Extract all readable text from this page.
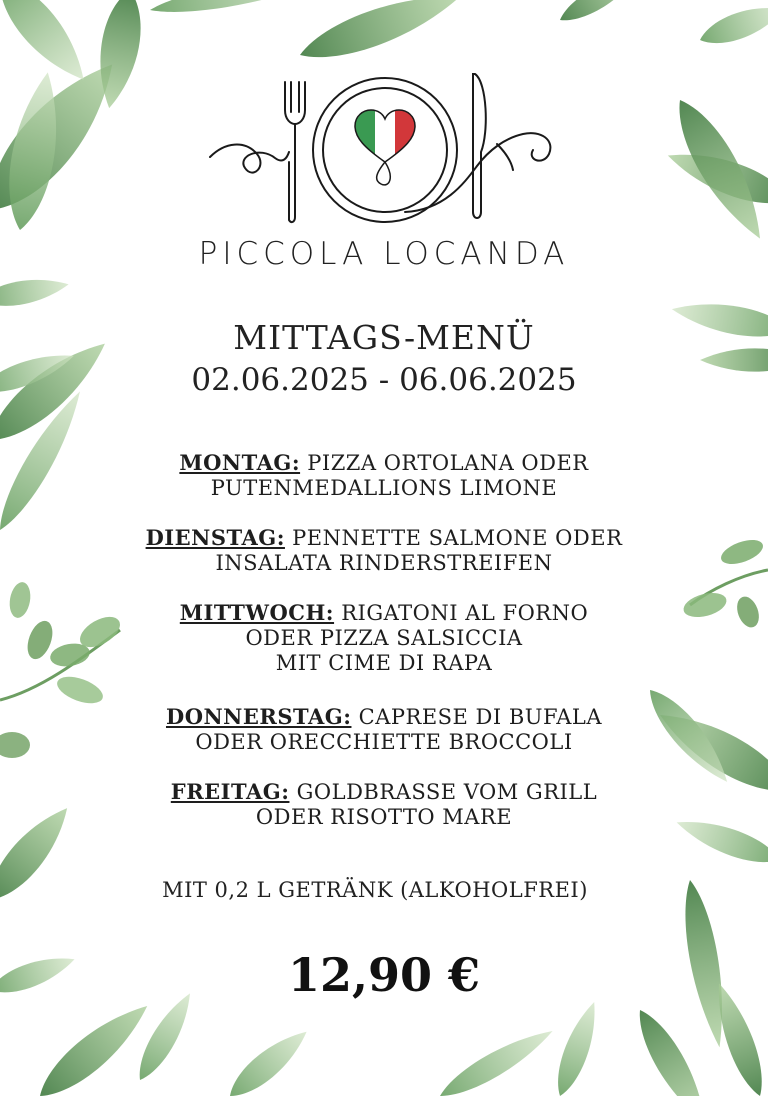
PICCOLA LOCANDA
MITTAGS-MENÜ
02.06.2025 - 06.06.2025
MONTAG: PIZZA ORTOLANA ODER
PUTENMEDALLIONS LIMONE
DIENSTAG: PENNETTE SALMONE ODER
INSALATA RINDERSTREIFEN
MITTWOCH: RIGATONI AL FORNO
ODER PIZZA SALSICCIA
MIT CIME DI RAPA
DONNERSTAG: CAPRESE DI BUFALA
ODER ORECCHIETTE BROCCOLI
FREITAG: GOLDBRASSE VOM GRILL
ODER RISOTTO MARE
MIT 0,2 L GETRÄNK (ALKOHOLFREI)
12,90 €
